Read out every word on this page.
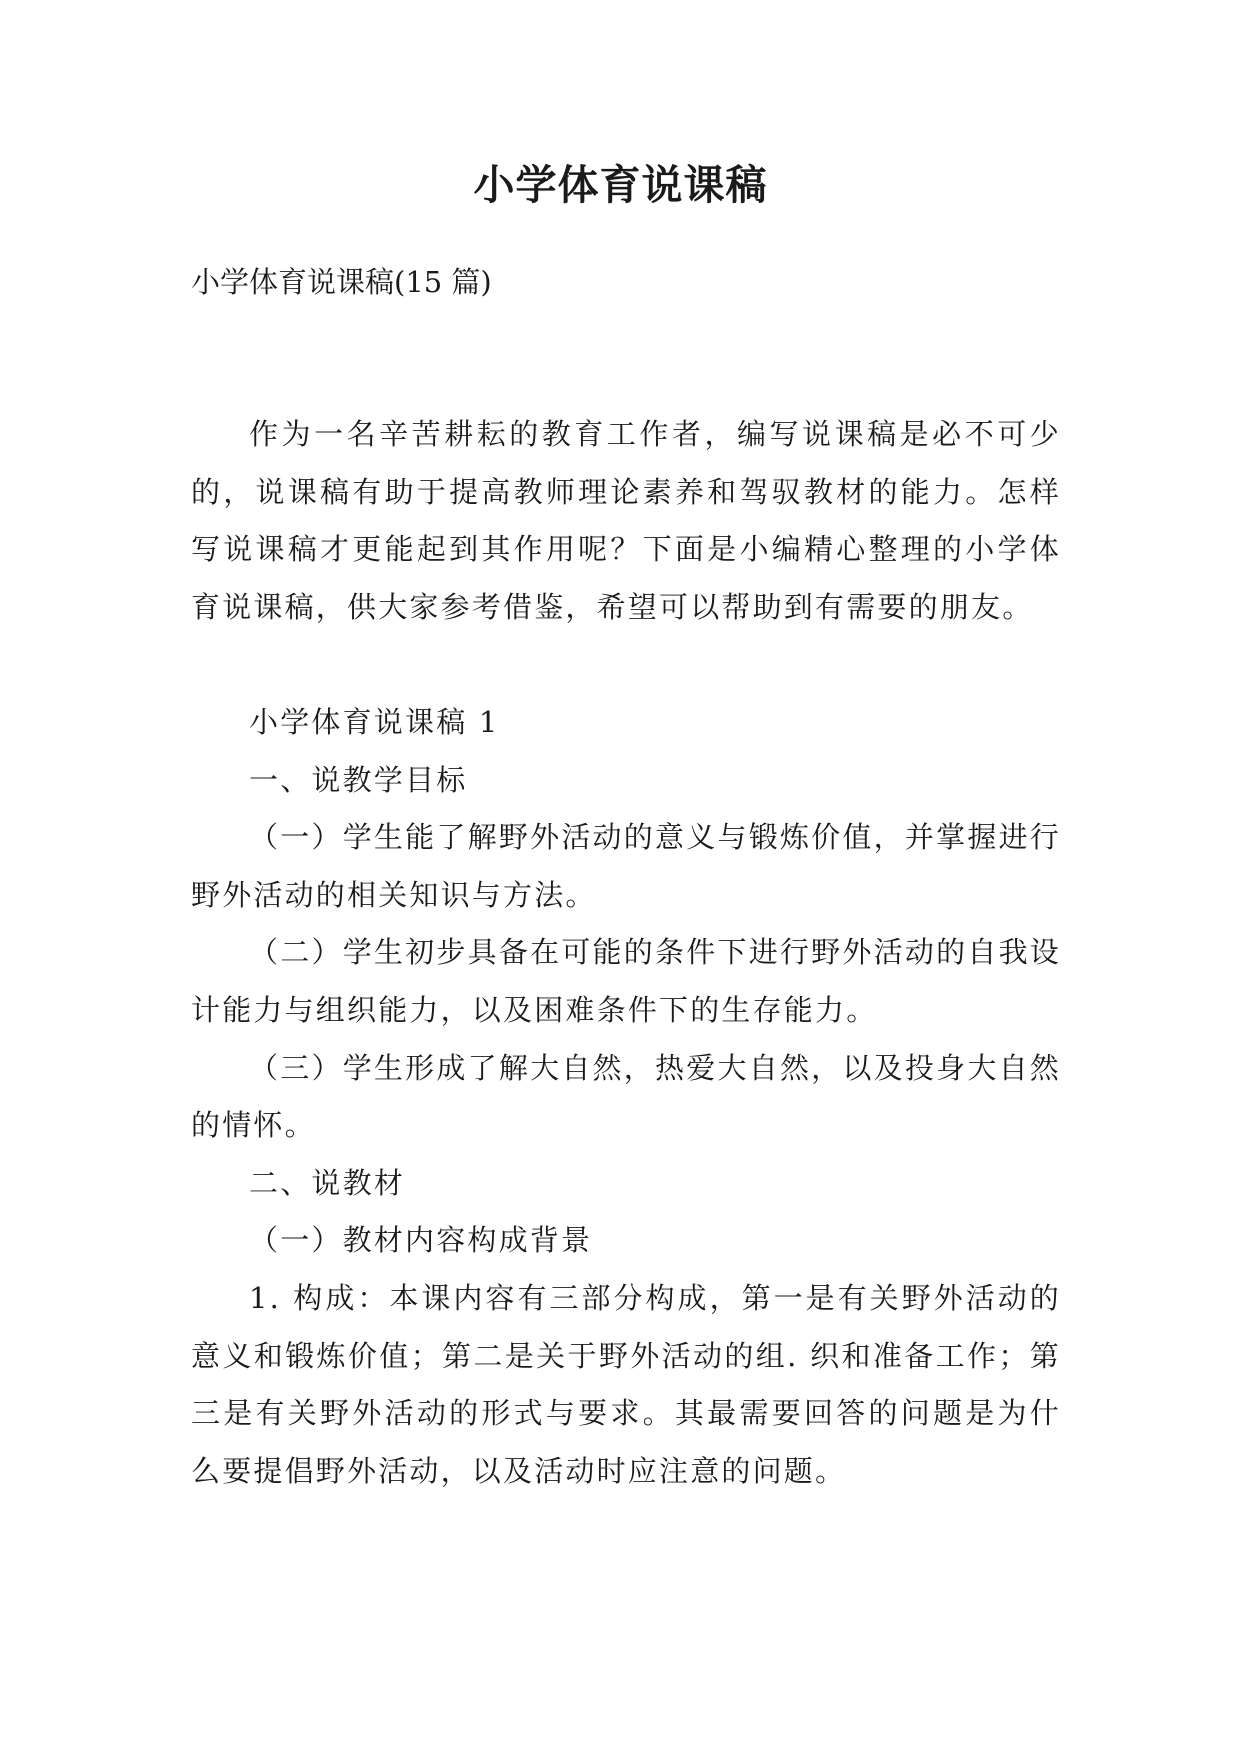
小学体育说课稿
小学体育说课稿(15 篇)

作为一名辛苦耕耘的教育工作者，编写说课稿是必不可少的，说课稿有助于提高教师理论素养和驾驭教材的能力。怎样写说课稿才更能起到其作用呢？下面是小编精心整理的小学体育说课稿，供大家参考借鉴，希望可以帮助到有需要的朋友。

小学体育说课稿 1

一、说教学目标

（一）学生能了解野外活动的意义与锻炼价值，并掌握进行野外活动的相关知识与方法。

（二）学生初步具备在可能的条件下进行野外活动的自我设计能力与组织能力，以及困难条件下的生存能力。

（三）学生形成了解大自然，热爱大自然，以及投身大自然的情怀。

二、说教材

（一）教材内容构成背景

1. 构成：本课内容有三部分构成，第一是有关野外活动的意义和锻炼价值；第二是关于野外活动的组. 织和准备工作；第三是有关野外活动的形式与要求。其最需要回答的问题是为什么要提倡野外活动，以及活动时应注意的问题。
